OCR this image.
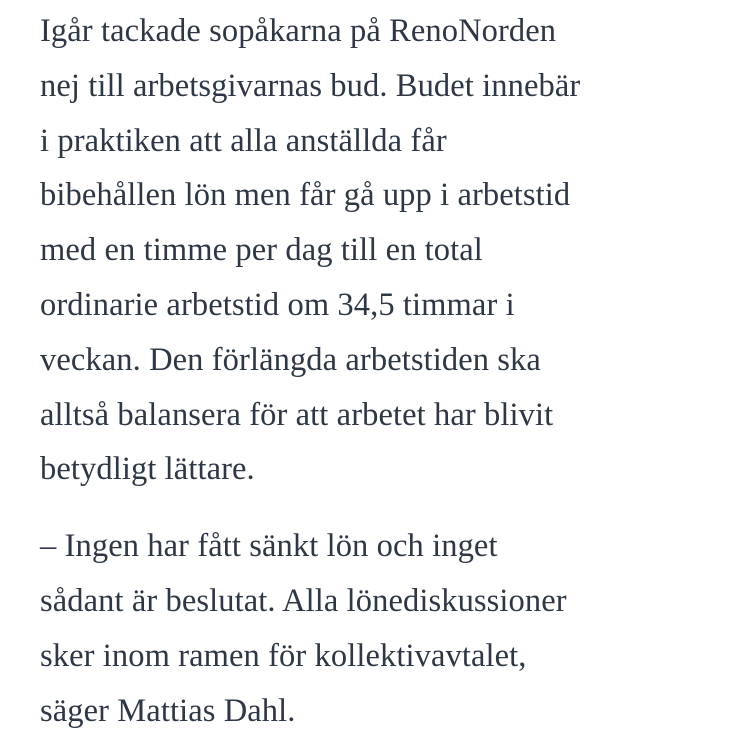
Igår tackade sopåkarna på RenoNorden
nej till arbetsgivarnas bud. Budet innebär
i praktiken att alla anställda får
bibehållen lön men får gå upp i arbetstid
med en timme per dag till en total
ordinarie arbetstid om 34,5 timmar i
veckan. Den förlängda arbetstiden ska
alltså balansera för att arbetet har blivit
betydligt lättare.

– Ingen har fått sänkt lön och inget
sådant är beslutat. Alla lönediskussioner
sker inom ramen för kollektivavtalet,
säger Mattias Dahl.
